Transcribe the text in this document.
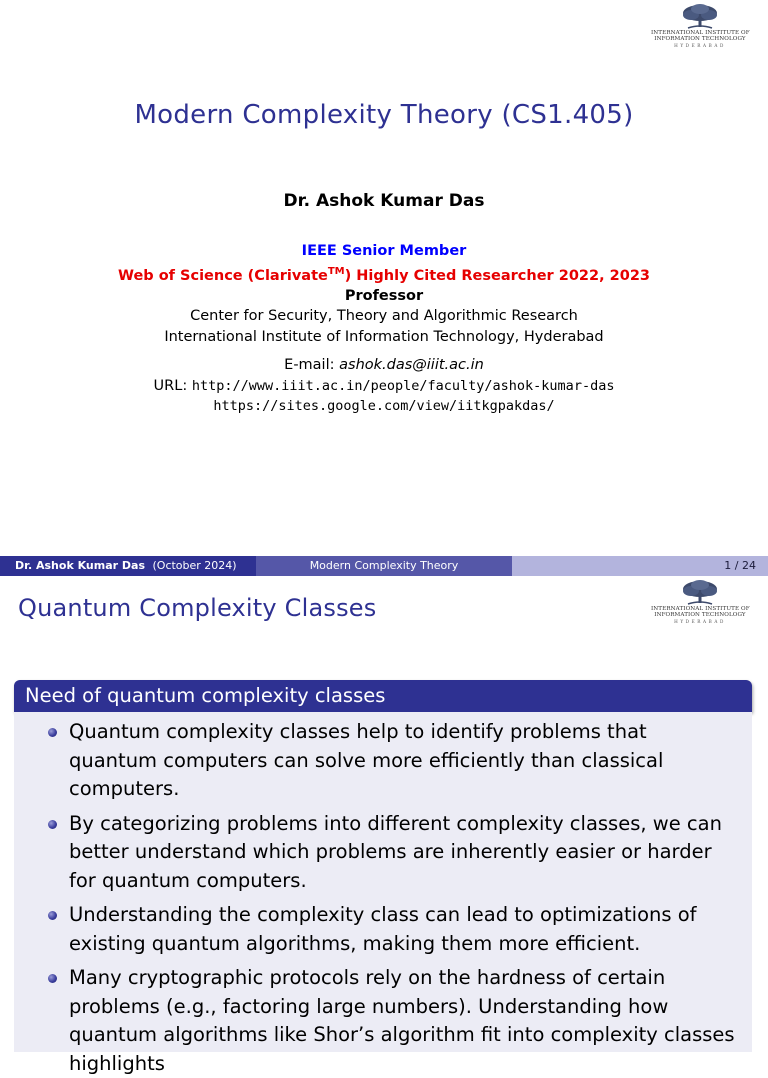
INTERNATIONAL INSTITUTE OF
INFORMATION TECHNOLOGY
HYDERABAD
Modern Complexity Theory (CS1.405)
Dr. Ashok Kumar Das
IEEE Senior Member
Web of Science (Clarivate™) Highly Cited Researcher 2022, 2023
Professor
Center for Security, Theory and Algorithmic Research
International Institute of Information Technology, Hyderabad
E-mail: ashok.das@iiit.ac.in
URL: http://www.iiit.ac.in/people/faculty/ashok-kumar-das
https://sites.google.com/view/iitkgpakdas/
Dr. Ashok Kumar Das (October 2024)	Modern Complexity Theory	1 / 24
Quantum Complexity Classes	INTERNATIONAL INSTITUTE OF
INFORMATION TECHNOLOGY
HYDERABAD
Need of quantum complexity classes
Quantum complexity classes help to identify problems that quantum computers can solve more efficiently than classical computers.
By categorizing problems into different complexity classes, we can better understand which problems are inherently easier or harder for quantum computers.
Understanding the complexity class can lead to optimizations of existing quantum algorithms, making them more efficient.
Many cryptographic protocols rely on the hardness of certain problems (e.g., factoring large numbers). Understanding how quantum algorithms like Shor’s algorithm fit into complexity classes highlights
